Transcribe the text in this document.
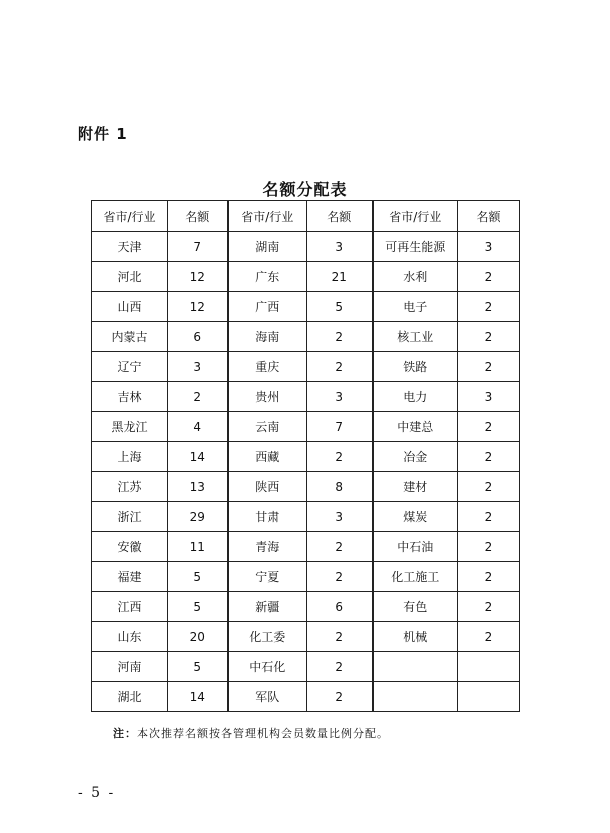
附件 1
名额分配表
省市/行业	名额	省市/行业	名额	省市/行业	名额
天津	7	湖南	3	可再生能源	3
河北	12	广东	21	水利	2
山西	12	广西	5	电子	2
内蒙古	6	海南	2	核工业	2
辽宁	3	重庆	2	铁路	2
吉林	2	贵州	3	电力	3
黑龙江	4	云南	7	中建总	2
上海	14	西藏	2	冶金	2
江苏	13	陕西	8	建材	2
浙江	29	甘肃	3	煤炭	2
安徽	11	青海	2	中石油	2
福建	5	宁夏	2	化工施工	2
江西	5	新疆	6	有色	2
山东	20	化工委	2	机械	2
河南	5	中石化	2		
湖北	14	军队	2		
注：本次推荐名额按各管理机构会员数量比例分配。
- 5 -
